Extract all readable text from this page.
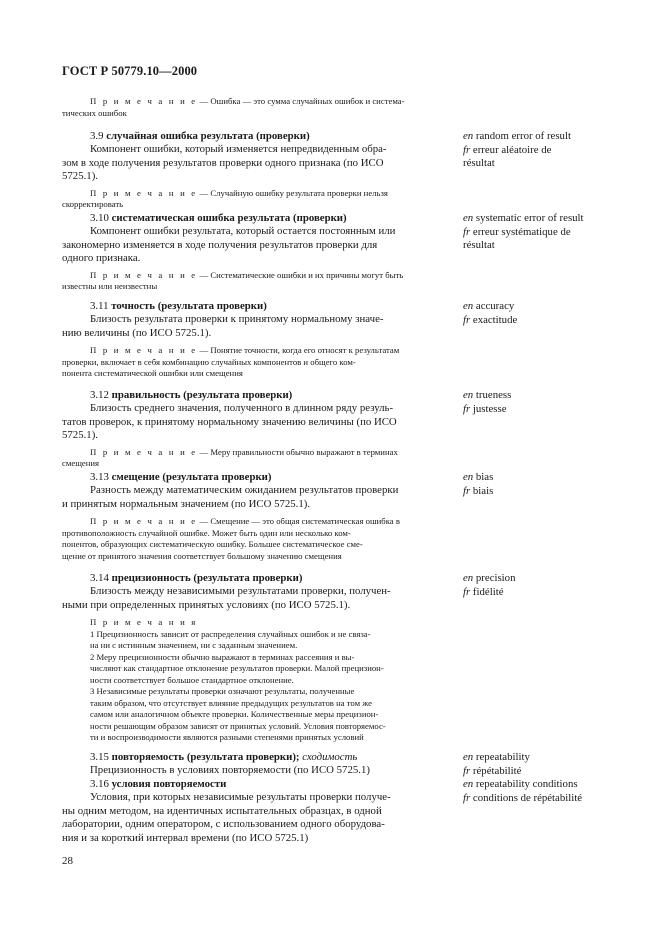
ГОСТ Р 50779.10—2000

П р и м е ч а н и е — Ошибка — это сумма случайных ошибок и система-

тических ошибок

3.9 случайная ошибка результата (проверки)

Компонент ошибки, который изменяется непредвиденным обра-

зом в ходе получения результатов проверки одного признака (по ИСО

5725.1).

П р и м е ч а н и е — Случайную ошибку результата проверки нельзя

скорректировать

en random error of result
fr erreur aléatoire de
résultat

3.10 систематическая ошибка результата (проверки)

Компонент ошибки результата, который остается постоянным или

закономерно изменяется в ходе получения результатов проверки для

одного признака.

П р и м е ч а н и е — Систематические ошибки и их причины могут быть

известны или неизвестны

en systematic error of result
fr erreur systématique de
résultat

3.11 точность (результата проверки)

Близость результата проверки к принятому нормальному значе-

нию величины (по ИСО 5725.1).

П р и м е ч а н и е — Понятие точности, когда его относят к результатам

проверки, включает в себя комбинацию случайных компонентов и общего ком-

понента систематической ошибки или смещения

en accuracy
fr exactitude

3.12 правильность (результата проверки)

Близость среднего значения, полученного в длинном ряду резуль-

татов проверок, к принятому нормальному значению величины (по ИСО

5725.1).

П р и м е ч а н и е — Меру правильности обычно выражают в терминах

смещения

en trueness
fr justesse

3.13 смещение (результата проверки)

Разность между математическим ожиданием результатов проверки

и принятым нормальным значением (по ИСО 5725.1).

П р и м е ч а н и е — Смещение — это общая систематическая ошибка в

противоположность случайной ошибке. Может быть один или несколько ком-

понентов, образующих систематическую ошибку. Большее систематическое сме-

щение от принятого значения соответствует большому значению смещения

en bias
fr biais

3.14 прецизионность (результата проверки)

Близость между независимыми результатами проверки, получен-

ными при определенных принятых условиях (по ИСО 5725.1).

П р и м е ч а н и я

1 Прецизионность зависит от распределения случайных ошибок и не связа-

на ни с истинным значением, ни с заданным значением.

2 Меру прецизионности обычно выражают в терминах рассеяния и вы-

числяют как стандартное отклонение результатов проверки. Малой прецизион-

ности соответствует большое стандартное отклонение.

3 Независимые результаты проверки означают результаты, полученные

таким образом, что отсутствует влияние предыдущих результатов на том же

самом или аналогичном объекте проверки. Количественные меры прецизион-

ности решающим образом зависят от принятых условий. Условия повторяемос-

ти и воспроизводимости являются разными степенями принятых условий

en precision
fr fidélité

3.15 повторяемость (результата проверки); сходимость

Прецизионность в условиях повторяемости (по ИСО 5725.1)

en repeatability
fr répétabilité

3.16 условия повторяемости

Условия, при которых независимые результаты проверки получе-

ны одним методом, на идентичных испытательных образцах, в одной

лаборатории, одним оператором, с использованием одного оборудова-

ния и за короткий интервал времени (по ИСО 5725.1)

en repeatability conditions
fr conditions de répétabilité
28
